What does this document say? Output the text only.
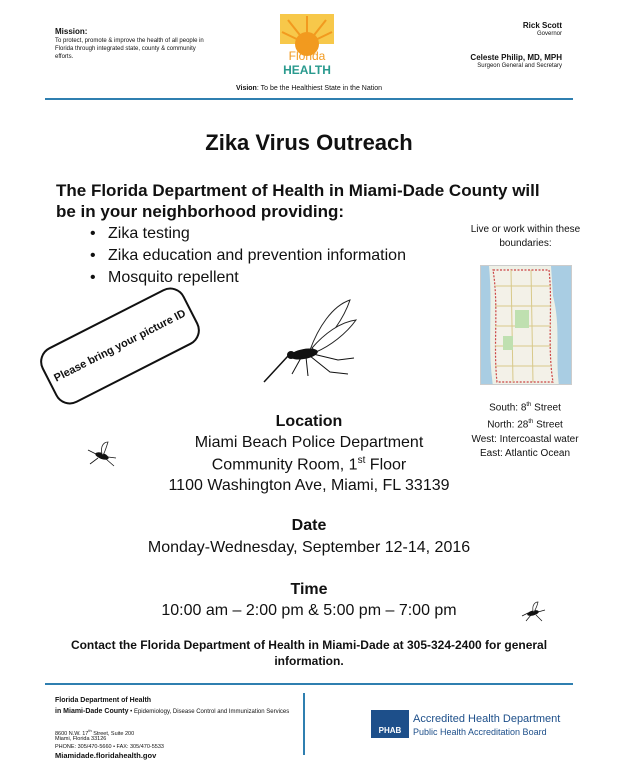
Mission:
To protect, promote & improve the health of all people in Florida through integrated state, county & community efforts.	Florida
HEALTH
Rick Scott
Governor
Celeste Philip, MD, MPH
Surgeon General and Secretary
Vision: To be the Healthiest State in the Nation
Zika Virus Outreach
The Florida Department of Health in Miami-Dade County will be in your neighborhood providing:
• Zika testing
• Zika education and prevention information
• Mosquito repellent
Live or work within these boundaries:
South: 8th Street
North: 28th Street
West: Intercoastal water
East: Atlantic Ocean
Please bring your picture ID
Location
Miami Beach Police Department
Community Room, 1st Floor
1100 Washington Ave, Miami, FL 33139
Date
Monday-Wednesday, September 12-14, 2016
Time
10:00 am – 2:00 pm & 5:00 pm – 7:00 pm
Contact the Florida Department of Health in Miami-Dade at 305-324-2400 for general information.
Florida Department of Health
in Miami-Dade County • Epidemiology, Disease Control and Immunization Services
8600 N.W. 17th Street, Suite 200
Miami, Florida 33126
PHONE: 305/470-5660 • FAX: 305/470-5533
Miamidade.floridahealth.gov
PHAB
Accredited Health Department
Public Health Accreditation Board
